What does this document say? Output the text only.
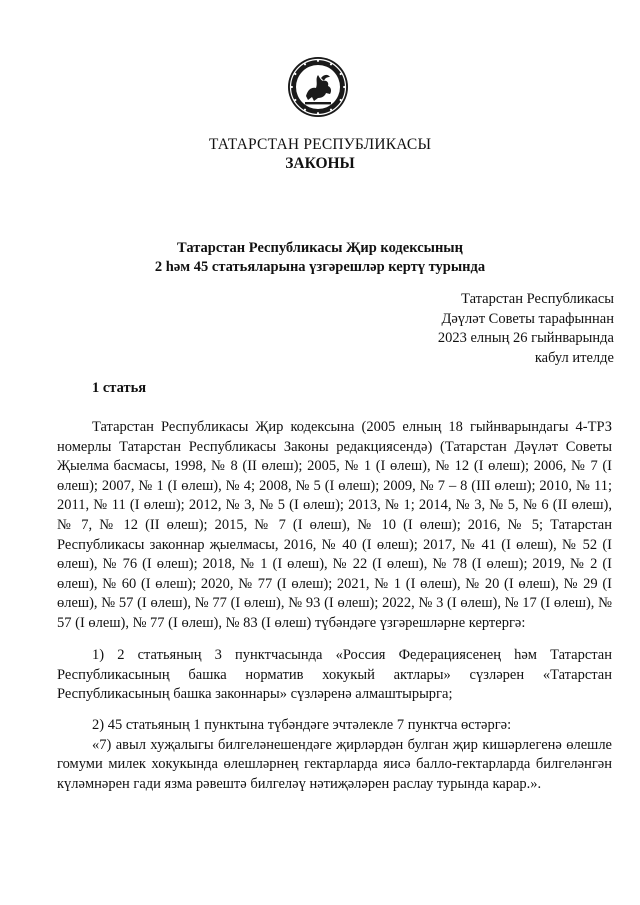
ТАТАРСТАН РЕСПУБЛИКАСЫ
ЗАКОНЫ
Татарстан Республикасы Җир кодексының
2 һәм 45 статьяларына үзгәрешләр кертү турында
Татарстан Республикасы
Дәүләт Советы тарафыннан
2023 елның 26 гыйнварында
кабул ителде
1 статья

Татарстан Республикасы Җир кодексына (2005 елның 18 гыйнварындагы 4-ТРЗ номерлы Татарстан Республикасы Законы редакциясендә) (Татарстан Дәүләт Советы Җыелма басмасы, 1998, № 8 (II өлеш); 2005, № 1 (I өлеш), № 12 (I өлеш); 2006, № 7 (I өлеш); 2007, № 1 (I өлеш), № 4; 2008, № 5 (I өлеш); 2009, № 7 – 8 (III өлеш); 2010, № 11; 2011, № 11 (I өлеш); 2012, № 3, № 5 (I өлеш); 2013, № 1; 2014, № 3, № 5, № 6 (II өлеш), № 7, № 12 (II өлеш); 2015, № 7 (I өлеш), № 10 (I өлеш); 2016, № 5; Татарстан Республикасы законнар җыелмасы, 2016, № 40 (I өлеш); 2017, № 41 (I өлеш), № 52 (I өлеш), № 76 (I өлеш); 2018, № 1 (I өлеш), № 22 (I өлеш), № 78 (I өлеш); 2019, № 2 (I өлеш), № 60 (I өлеш); 2020, № 77 (I өлеш); 2021, № 1 (I өлеш), № 20 (I өлеш), № 29 (I өлеш), № 57 (I өлеш), № 77 (I өлеш), № 93 (I өлеш); 2022, № 3 (I өлеш), № 17 (I өлеш), № 57 (I өлеш), № 77 (I өлеш), № 83 (I өлеш) түбәндәге үзгәрешләрне кертергә:

1) 2 статьяның 3 пунктчасында «Россия Федерациясенең һәм Татарстан Республикасының башка норматив хокукый актлары» сүзләрен «Татарстан Республикасының башка законнары» сүзләренә алмаштырырга;

2) 45 статьяның 1 пунктына түбәндәге эчтәлекле 7 пунктча өстәргә:

«7) авыл хуҗалыгы билгеләнешендәге җирләрдән булган җир кишәрлегенә өлешле гомуми милек хокукында өлешләрнең гектарларда яисә балло-гектарларда билгеләнгән күләмнәрен гади язма рәвештә билгеләү нәтиҗәләрен раслау турында карар.».
